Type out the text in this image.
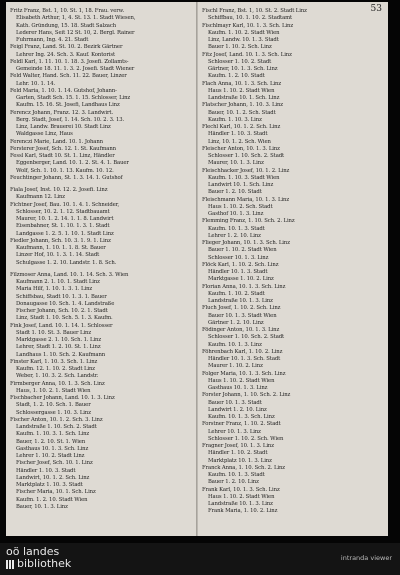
Fritz Franz, Bst. 1, 10. St. 1, 18. Frau. verw.
Elisabeth Arthur, 1, 4. St. 13. 1. Stadt Wiesen,
Kath. Gründung, 15. 18. Stadt Salzach
Lederer Hans, Seit 12 St. 10, 2. Bergl. Rainer
Fuhrmann, Ing. 4. 21. Stadt
Feigl Franz, Land. St. 10. 2. Bezirk Gärtner
Lehrer Ing. 24. Sch. 3. Kauf. Kontorist
Feldl Karl, 1. 11. 10. 1. 18. 3. Josefi. Zollamts-
Gemeinde 18. 11. 1. 3. 2. Josefi. Stadt Wiener
Feld Walter, Hand. Sch. 11. 22. Bauer, Linzer
Lehr. 10. 1. 14.
Feld Maria, 1. 10. 1. 14. Gutshof, Johann-
Garten, Stadt Sch. 15. 1. 15. Schlosser, Linz
Kaufm. 15. 16. St. Josefi, Landhaus Linz
Ferencz Johann, Franz. 12. 3. Landwirt.
Berg. Stadt, Josef, 1. 14. Sch. 10. 2. 3. 13.
Linz, Landw. Brauerei 10. Stadt Linz
Waldgasse Linz, Haus
Ferenczi Marie, Land. 10. 1. Johann
Fersterer Josef, Sch. 12. 1. St. Kaufmann
Fessl Karl, Stadt 10. St. 1. Linz, Händler
Eggenberger, Land. 10. 1. 2. St. 4. 1. Bauer
Wolf, Sch. 1. 10. 1. 13. Kaufm. 10. 12.
Feuchtinger Johann, St. 1. 3. 14. 1. Gutshof
Fiala Josef, Inst. 10. 12. 2. Josefi. Linz
Kaufmann 12. Linz
Fichtner Josef, Bau. 10. 1. 4. 1. Schneider,
Schlosser, 10. 2. 1. 12. Stadtbauamt
Maurer, 10. 1. 2. 14. 1. 1. 8. Landwirt
Eisenbahner, St. 1. 10. 1. 3. 1. Stadt
Landgasse 1. 2. 5. 1. 10. 1. Stadt Linz
Fiedler Johann, Sch. 10. 3. 1. 9. 1. Linz
Kaufmann, 1. 10. 1. 1. 8. St. Bauer
Linzer Hof, 10. 1. 3. 1. 14. Stadt
Schulgasse 1. 2. 10. Landstr. 1. 8. Sch.
Filzmoser Anna, Land. 10. 1. 14. Sch. 3. Wien
Kaufmann 2. 1. 10. 1. Stadt Linz
Maria Hilf, 1. 10. 1. 3. 1. Linz
Schiffsbau, Stadt 10. 1. 3. 1. Bauer
Donaugasse 10. Sch. 1. 4. Landstraße
Fischer Johann, Sch. 10. 2. 1. Stadt
Linz, Stadt 1. 10. Sch. 5. 1. 3. Kaufm.
Fink Josef, Land. 10. 1. 14. 1. Schlosser
Stadt 1. 10. St. 3. Bauer Linz
Marktgasse 2. 1. 10. Sch. 1. Linz
Lehrer, Stadt 1. 2. 10. St. 1. Linz
Landhaus 1. 10. Sch. 2. Kaufmann
Finster Karl, 1. 10. 3. Sch. 1. Linz
Kaufm. 12. 1. 10. 2. Stadt Linz
Weber, 1. 10. 3. 2. Sch. Landstr.
Firmberger Anna, 10. 1. 3. Sch. Linz
Haus, 1. 10. 2. 1. Stadt Wien
Fischbacher Johann, Land. 10. 1. 3. Linz
Stadt, 1. 2. 10. Sch. 1. Bauer
Schlossergasse 1. 10. 3. Linz
Fischer Anton, 10. 1. 2. Sch. 3. Linz
Landstraße 1. 10. Sch. 2. Stadt
Kaufm. 1. 10. 3. 1. Sch. Linz
Bauer, 1. 2. 10. St. 1. Wien
Gasthaus 10. 1. 3. Sch. Linz
Lehrer 1. 10. 2. Stadt Linz
Fischer Josef, Sch. 10. 1. Linz
Händler 1. 10. 3. Stadt
Landwirt, 10. 1. 2. Sch. Linz
Marktplatz 1. 10. 3. Stadt
Fischer Maria, 10. 1. Sch. Linz
Kaufm. 1. 2. 10. Stadt Wien
Bauer, 10. 1. 3. Linz
53
Fischl Franz, Bst. 1, 10. St. 2. Stadt Linz
Schiffbau, 10. 1. 10. 2. Stadtamt
Fischlmayr Karl, 10. 1. 3. Sch. Linz
Kaufm. 1. 10. 2. Stadt Wien
Linz, Landw. 10. 1. 3. Stadt
Bauer 1. 10. 2. Sch. Linz
Fitz Josef, Land. 10. 1. 3. Sch. Linz
Schlosser 1. 10. 2. Stadt
Gärtner, 10. 1. 3. Sch. Linz
Kaufm. 1. 2. 10. Stadt
Flach Anna, 10. 1. 3. Sch. Linz
Haus 1. 10. 2. Stadt Wien
Landstraße 10. 1. Sch. Linz
Flatscher Johann, 1. 10. 3. Linz
Bauer, 10. 1. 2. Sch. Stadt
Kaufm. 1. 10. 3. Linz
Flechl Karl, 10. 1. 2. Sch. Linz
Händler 1. 10. 3. Stadt
Linz, 10. 1. 2. Sch. Wien
Fleischer Anton, 10. 1. 3. Linz
Schlosser 1. 10. Sch. 2. Stadt
Maurer, 10. 1. 3. Linz
Fleischhacker Josef, 10. 1. 2. Linz
Kaufm. 1. 10. 3. Stadt Wien
Landwirt 10. 1. Sch. Linz
Bauer 1. 2. 10. Stadt
Fleischmann Maria, 10. 1. 3. Linz
Haus 1. 10. 2. Sch. Stadt
Gasthof 10. 1. 3. Linz
Flemming Franz, 1. 10. Sch. 2. Linz
Kaufm. 10. 1. 3. Stadt
Lehrer 1. 2. 10. Linz
Flieger Johann, 10. 1. 3. Sch. Linz
Bauer 1. 10. 2. Stadt Wien
Schlosser 10. 1. 3. Linz
Flöck Karl, 1. 10. 2. Sch. Linz
Händler 10. 1. 3. Stadt
Marktgasse 1. 10. 2. Linz
Florian Anna, 10. 1. 3. Sch. Linz
Kaufm. 1. 10. 2. Stadt
Landstraße 10. 1. 3. Linz
Fluch Josef, 1. 10. 2. Sch. Linz
Bauer 10. 1. 3. Stadt Wien
Gärtner 1. 2. 10. Linz
Födinger Anton, 10. 1. 3. Linz
Schlosser 1. 10. Sch. 2. Stadt
Kaufm. 10. 1. 3. Linz
Föhrenbach Karl, 1. 10. 2. Linz
Händler 10. 1. 3. Sch. Stadt
Maurer 1. 10. 2. Linz
Folger Maria, 10. 1. 3. Sch. Linz
Haus 1. 10. 2. Stadt Wien
Gasthaus 10. 1. 3. Linz
Forster Johann, 1. 10. Sch. 2. Linz
Bauer 10. 1. 3. Stadt
Landwirt 1. 2. 10. Linz
Kaufm. 10. 1. 3. Sch. Linz
Forstner Franz, 1. 10. 2. Stadt
Lehrer 10. 1. 3. Linz
Schlosser 1. 10. 2. Sch. Wien
Fragner Josef, 10. 1. 3. Linz
Händler 1. 10. 2. Stadt
Marktplatz 10. 1. 3. Linz
Franck Anna, 1. 10. Sch. 2. Linz
Kaufm. 10. 1. 3. Stadt
Bauer 1. 2. 10. Linz
Frank Karl, 10. 1. 3. Sch. Linz
Haus 1. 10. 2. Stadt Wien
Landstraße 10. 1. 3. Linz
Frank Maria, 1. 10. 2. Linz
oö landes
bibliothek	intranda viewer
